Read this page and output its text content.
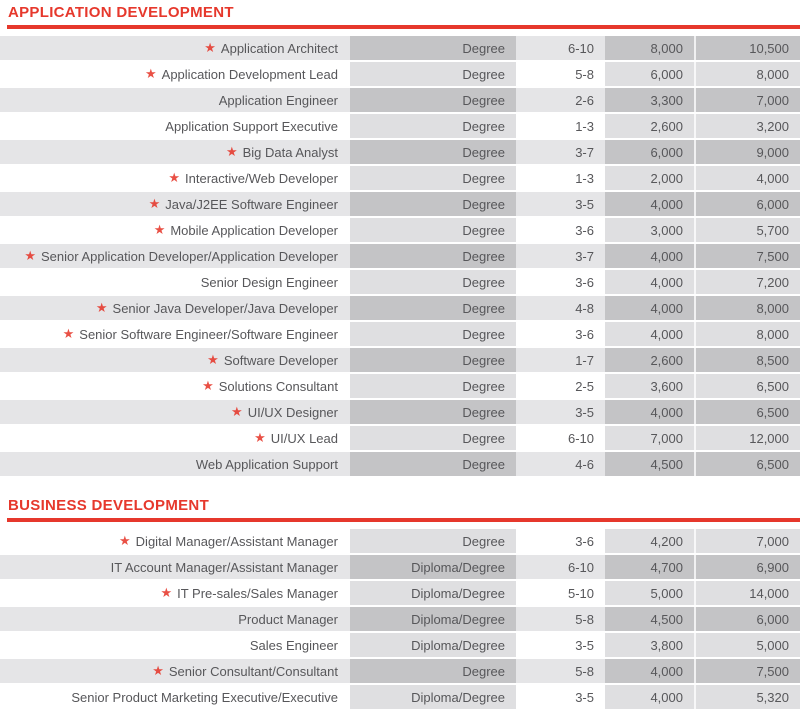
APPLICATION DEVELOPMENT
★ Application Architect	Degree	6-10	8,000	10,500
★ Application Development Lead	Degree	5-8	6,000	8,000
Application Engineer	Degree	2-6	3,300	7,000
Application Support Executive	Degree	1-3	2,600	3,200
★ Big Data Analyst	Degree	3-7	6,000	9,000
★ Interactive/Web Developer	Degree	1-3	2,000	4,000
★ Java/J2EE Software Engineer	Degree	3-5	4,000	6,000
★ Mobile Application Developer	Degree	3-6	3,000	5,700
★ Senior Application Developer/Application Developer	Degree	3-7	4,000	7,500
Senior Design Engineer	Degree	3-6	4,000	7,200
★ Senior Java Developer/Java Developer	Degree	4-8	4,000	8,000
★ Senior Software Engineer/Software Engineer	Degree	3-6	4,000	8,000
★ Software Developer	Degree	1-7	2,600	8,500
★ Solutions Consultant	Degree	2-5	3,600	6,500
★ UI/UX Designer	Degree	3-5	4,000	6,500
★ UI/UX Lead	Degree	6-10	7,000	12,000
Web Application Support	Degree	4-6	4,500	6,500
BUSINESS DEVELOPMENT
★ Digital Manager/Assistant Manager	Degree	3-6	4,200	7,000
IT Account Manager/Assistant Manager	Diploma/Degree	6-10	4,700	6,900
★ IT Pre-sales/Sales Manager	Diploma/Degree	5-10	5,000	14,000
Product Manager	Diploma/Degree	5-8	4,500	6,000
Sales Engineer	Diploma/Degree	3-5	3,800	5,000
★ Senior Consultant/Consultant	Degree	5-8	4,000	7,500
Senior Product Marketing Executive/Executive	Diploma/Degree	3-5	4,000	5,320
